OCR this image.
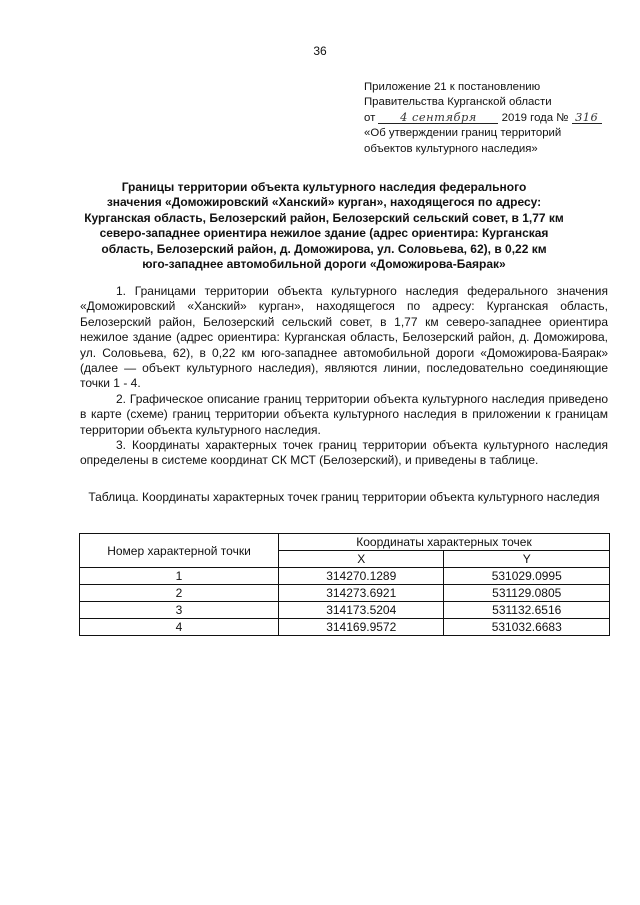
36
Приложение 21 к постановлению
Правительства Курганской области
от 4 сентября 2019 года № 316
«Об утверждении границ территорий
объектов культурного наследия»
Границы территории объекта культурного наследия федерального
значения «Доможировский «Ханский» курган», находящегося по адресу:
Курганская область, Белозерский район, Белозерский сельский совет, в 1,77 км
северо-западнее ориентира нежилое здание (адрес ориентира: Курганская
область, Белозерский район, д. Доможирова, ул. Соловьева, 62), в 0,22 км
юго-западнее автомобильной дороги «Доможирова-Баярак»

1. Границами территории объекта культурного наследия федерального значения «Доможировский «Ханский» курган», находящегося по адресу: Курганская область, Белозерский район, Белозерский сельский совет, в 1,77 км северо-западнее ориентира нежилое здание (адрес ориентира: Курганская область, Белозерский район, д. Доможирова, ул. Соловьева, 62), в 0,22 км юго-западнее автомобильной дороги «Доможирова-Баярак» (далее — объект культурного наследия), являются линии, последовательно соединяющие точки 1 - 4.

2. Графическое описание границ территории объекта культурного наследия приведено в карте (схеме) границ территории объекта культурного наследия в приложении к границам территории объекта культурного наследия.

3. Координаты характерных точек границ территории объекта культурного наследия определены в системе координат СК МСТ (Белозерский), и приведены в таблице.

Таблица. Координаты характерных точек границ территории объекта культурного наследия
Номер характерной точки	Координаты характерных точек	
	X	Y
1	314270.1289	531029.0995
2	314273.6921	531129.0805
3	314173.5204	531132.6516
4	314169.9572	531032.6683
